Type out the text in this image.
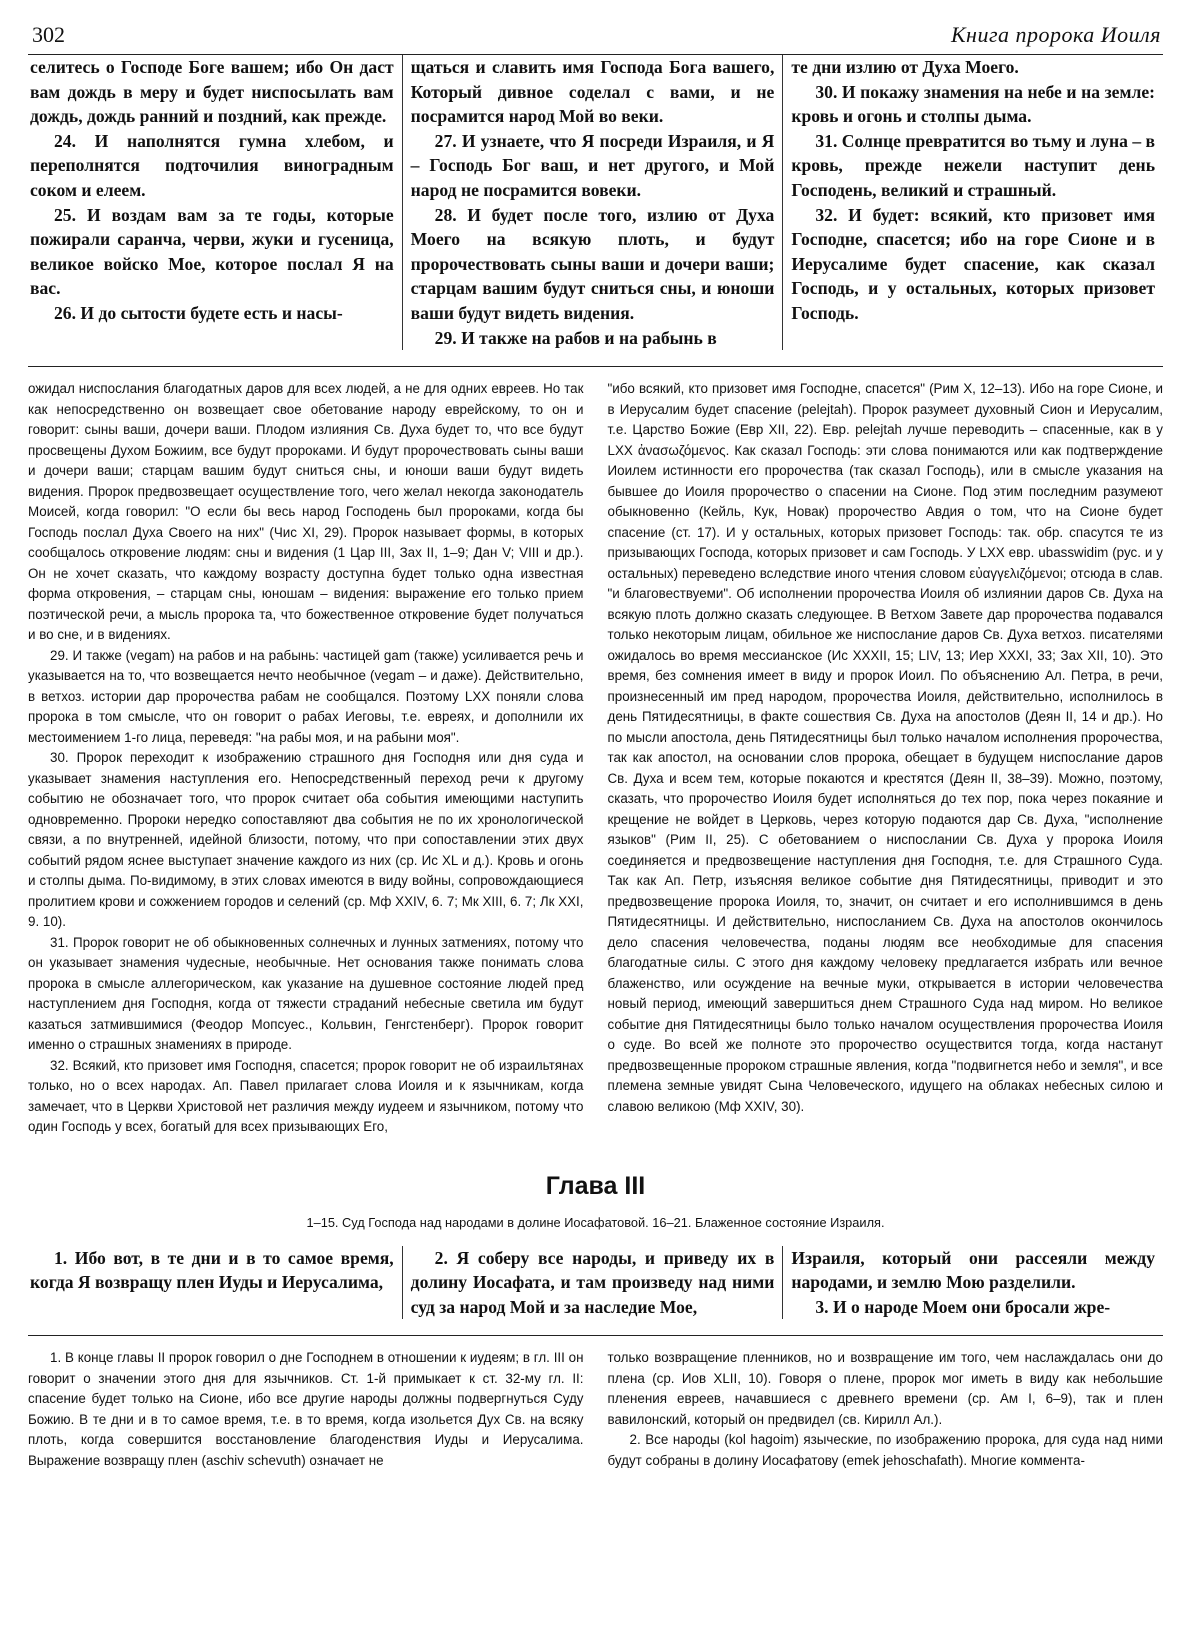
302	Книга пророка Иоиля

селитесь о Господе Боге вашем; ибо Он даст вам дождь в меру и будет ниспосылать вам дождь, дождь ранний и поздний, как прежде.

24. И наполнятся гумна хлебом, и переполнятся подточилия виноградным соком и елеем.

25. И воздам вам за те годы, которые пожирали саранча, черви, жуки и гусеница, великое войско Мое, которое послал Я на вас.

26. И до сытости будете есть и насы-

щаться и славить имя Господа Бога вашего, Который дивное соделал с вами, и не посрамится народ Мой во веки.

27. И узнаете, что Я посреди Израиля, и Я – Господь Бог ваш, и нет другого, и Мой народ не посрамится вовеки.

28. И будет после того, излию от Духа Моего на всякую плоть, и будут пророчествовать сыны ваши и дочери ваши; старцам вашим будут сниться сны, и юноши ваши будут видеть видения.

29. И также на рабов и на рабынь в

те дни излию от Духа Моего.

30. И покажу знамения на небе и на земле: кровь и огонь и столпы дыма.

31. Солнце превратится во тьму и луна – в кровь, прежде нежели наступит день Господень, великий и страшный.

32. И будет: всякий, кто призовет имя Господне, спасется; ибо на горе Сионе и в Иерусалиме будет спасение, как сказал Господь, и у остальных, которых призовет Господь.

ожидал ниспослания благодатных даров для всех людей, а не для одних евреев. Но так как непосредственно он возвещает свое обетование народу еврейскому, то он и говорит: сыны ваши, дочери ваши. Плодом излияния Св. Духа будет то, что все будут просвещены Духом Божиим, все будут пророками. И будут пророчествовать сыны ваши и дочери ваши; старцам вашим будут сниться сны, и юноши ваши будут видеть видения. Пророк предвозвещает осуществление того, чего желал некогда законодатель Моисей, когда говорил: "О если бы весь народ Господень был пророками, когда бы Господь послал Духа Своего на них" (Чис XI, 29). Пророк называет формы, в которых сообщалось откровение людям: сны и видения (1 Цар III, Зах II, 1–9; Дан V; VIII и др.). Он не хочет сказать, что каждому возрасту доступна будет только одна известная форма откровения, – старцам сны, юношам – видения: выражение его только прием поэтической речи, а мысль пророка та, что божественное откровение будет получаться и во сне, и в видениях.

29. И также (vegam) на рабов и на рабынь: частицей gam (также) усиливается речь и указывается на то, что возвещается нечто необычное (vegam – и даже). Действительно, в ветхоз. истории дар пророчества рабам не сообщался. Поэтому LXX поняли слова пророка в том смысле, что он говорит о рабах Иеговы, т.е. евреях, и дополнили их местоимением 1-го лица, переведя: "на рабы моя, и на рабыни моя".

30. Пророк переходит к изображению страшного дня Господня или дня суда и указывает знамения наступления его. Непосредственный переход речи к другому событию не обозначает того, что пророк считает оба события имеющими наступить одновременно. Пророки нередко сопоставляют два события не по их хронологической связи, а по внутренней, идейной близости, потому, что при сопоставлении этих двух событий рядом яснее выступает значение каждого из них (ср. Ис XL и д.). Кровь и огонь и столпы дыма. По-видимому, в этих словах имеются в виду войны, сопровождающиеся пролитием крови и сожжением городов и селений (ср. Мф XXIV, 6. 7; Мк XIII, 6. 7; Лк XXI, 9. 10).

31. Пророк говорит не об обыкновенных солнечных и лунных затмениях, потому что он указывает знамения чудесные, необычные. Нет основания также понимать слова пророка в смысле аллегорическом, как указание на душевное состояние людей пред наступлением дня Господня, когда от тяжести страданий небесные светила им будут казаться затмившимися (Феодор Мопсуес., Кольвин, Генгстенберг). Пророк говорит именно о страшных знамениях в природе.

32. Всякий, кто призовет имя Господня, спасется; пророк говорит не об израильтянах только, но о всех народах. Ап. Павел прилагает слова Иоиля и к язычникам, когда замечает, что в Церкви Христовой нет различия между иудеем и язычником, потому что один Господь у всех, богатый для всех призывающих Его,

"ибо всякий, кто призовет имя Господне, спасется" (Рим X, 12–13). Ибо на горе Сионе, и в Иерусалим будет спасение (pelejtah). Пророк разумеет духовный Сион и Иерусалим, т.е. Царство Божие (Евр XII, 22). Евр. pelejtah лучше переводить – спасенные, как в у LXX ἀνασωζόμενος. Как сказал Господь: эти слова понимаются или как подтверждение Иоилем истинности его пророчества (так сказал Господь), или в смысле указания на бывшее до Иоиля пророчество о спасении на Сионе. Под этим последним разумеют обыкновенно (Кейль, Кук, Новак) пророчество Авдия о том, что на Сионе будет спасение (ст. 17). И у остальных, которых призовет Господь: так. обр. спасутся те из призывающих Господа, которых призовет и сам Господь. У LXX евр. ubasswidim (рус. и у остальных) переведено вследствие иного чтения словом εὐαγγελιζόμενοι; отсюда в слав. "и благовествуеми". Об исполнении пророчества Иоиля об излиянии даров Св. Духа на всякую плоть должно сказать следующее. В Ветхом Завете дар пророчества подавался только некоторым лицам, обильное же ниспослание даров Св. Духа ветхоз. писателями ожидалось во время мессианское (Ис XXXII, 15; LIV, 13; Иер XXXI, 33; Зах XII, 10). Это время, без сомнения имеет в виду и пророк Иоил. По объяснению Ал. Петра, в речи, произнесенный им пред народом, пророчества Иоиля, действительно, исполнилось в день Пятидесятницы, в факте сошествия Св. Духа на апостолов (Деян II, 14 и др.). Но по мысли апостола, день Пятидесятницы был только началом исполнения пророчества, так как апостол, на основании слов пророка, обещает в будущем ниспослание даров Св. Духа и всем тем, которые покаются и крестятся (Деян II, 38–39). Можно, поэтому, сказать, что пророчество Иоиля будет исполняться до тех пор, пока через покаяние и крещение не войдет в Церковь, через которую подаются дар Св. Духа, "исполнение языков" (Рим II, 25). С обетованием о ниспослании Св. Духа у пророка Иоиля соединяется и предвозвещение наступления дня Господня, т.е. для Страшного Суда. Так как Ап. Петр, изъясняя великое событие дня Пятидесятницы, приводит и это предвозвещение пророка Иоиля, то, значит, он считает и его исполнившимся в день Пятидесятницы. И действительно, ниспосланием Св. Духа на апостолов окончилось дело спасения человечества, поданы людям все необходимые для спасения благодатные силы. С этого дня каждому человеку предлагается избрать или вечное блаженство, или осуждение на вечные муки, открывается в истории человечества новый период, имеющий завершиться днем Страшного Суда над миром. Но великое событие дня Пятидесятницы было только началом осуществления пророчества Иоиля о суде. Во всей же полноте это пророчество осуществится тогда, когда настанут предвозвещенные пророком страшные явления, когда "подвигнется небо и земля", и все племена земные увидят Сына Человеческого, идущего на облаках небесных силою и славою великою (Мф XXIV, 30).

Глава III
1–15. Суд Господа над народами в долине Иосафатовой. 16–21. Блаженное состояние Израиля.

1. Ибо вот, в те дни и в то самое время, когда Я возвращу плен Иуды и Иерусалима,

2. Я соберу все народы, и приведу их в долину Иосафата, и там произведу над ними суд за народ Мой и за наследие Мое,

Израиля, который они рассеяли между народами, и землю Мою разделили.

3. И о народе Моем они бросали жре-

1. В конце главы II пророк говорил о дне Господнем в отношении к иудеям; в гл. III он говорит о значении этого дня для язычников. Ст. 1-й примыкает к ст. 32-му гл. II: спасение будет только на Сионе, ибо все другие народы должны подвергнуться Суду Божию. В те дни и в то самое время, т.е. в то время, когда изольется Дух Св. на всяку плоть, когда совершится восстановление благоденствия Иуды и Иерусалима. Выражение возвращу плен (aschiv schevuth) означает не

только возвращение пленников, но и возвращение им того, чем наслаждалась они до плена (ср. Иов XLII, 10). Говоря о плене, пророк мог иметь в виду как небольшие пленения евреев, начавшиеся с древнего времени (ср. Ам I, 6–9), так и плен вавилонский, который он предвидел (св. Кирилл Ал.).

2. Все народы (kol hagoim) языческие, по изображению пророка, для суда над ними будут собраны в долину Иосафатову (emek jehoschafath). Многие коммента-
